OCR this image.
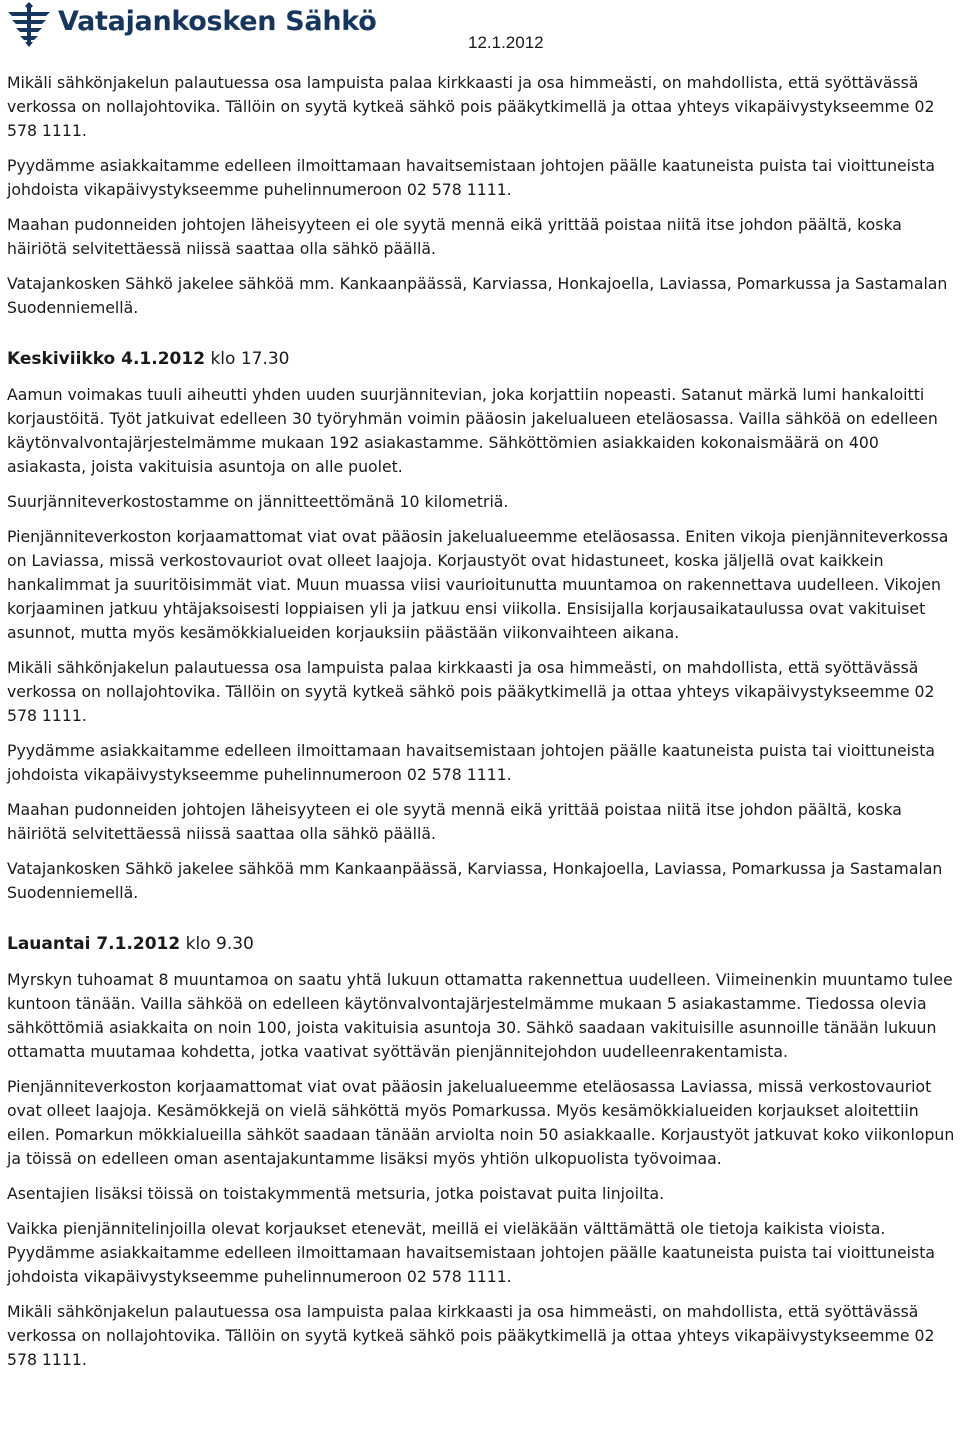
Vatajankosken Sähkö
12.1.2012

Mikäli sähkönjakelun palautuessa osa lampuista palaa kirkkaasti ja osa himmeästi, on mahdollista, että syöttävässä verkossa on nollajohtovika. Tällöin on syytä kytkeä sähkö pois pääkytkimellä ja ottaa yhteys vikapäivystykseemme 02 578 1111.

Pyydämme asiakkaitamme edelleen ilmoittamaan havaitsemistaan johtojen päälle kaatuneista puista tai vioittuneista johdoista vikapäivystykseemme puhelinnumeroon 02 578 1111.

Maahan pudonneiden johtojen läheisyyteen ei ole syytä mennä eikä yrittää poistaa niitä itse johdon päältä, koska häiriötä selvitettäessä niissä saattaa olla sähkö päällä.

Vatajankosken Sähkö jakelee sähköä mm. Kankaanpäässä, Karviassa, Honkajoella, Laviassa, Pomarkussa ja Sastamalan Suodenniemellä.

Keskiviikko 4.1.2012 klo 17.30

Aamun voimakas tuuli aiheutti yhden uuden suurjännitevian, joka korjattiin nopeasti. Satanut märkä lumi hankaloitti korjaustöitä. Työt jatkuivat edelleen 30 työryhmän voimin pääosin jakelualueen eteläosassa. Vailla sähköä on edelleen käytönvalvontajärjestelmämme mukaan 192 asiakastamme. Sähköttömien asiakkaiden kokonaismäärä on 400 asiakasta, joista vakituisia asuntoja on alle puolet.

Suurjänniteverkostostamme on jännitteettömänä 10 kilometriä.

Pienjänniteverkoston korjaamattomat viat ovat pääosin jakelualueemme eteläosassa. Eniten vikoja pienjänniteverkossa on Laviassa, missä verkostovauriot ovat olleet laajoja. Korjaustyöt ovat hidastuneet, koska jäljellä ovat kaikkein hankalimmat ja suuritöisimmät viat. Muun muassa viisi vaurioitunutta muuntamoa on rakennettava uudelleen. Vikojen korjaaminen jatkuu yhtäjaksoisesti loppiaisen yli ja jatkuu ensi viikolla. Ensisijalla korjausaikataulussa ovat vakituiset asunnot, mutta myös kesämökkialueiden korjauksiin päästään viikonvaihteen aikana.

Mikäli sähkönjakelun palautuessa osa lampuista palaa kirkkaasti ja osa himmeästi, on mahdollista, että syöttävässä verkossa on nollajohtovika. Tällöin on syytä kytkeä sähkö pois pääkytkimellä ja ottaa yhteys vikapäivystykseemme 02 578 1111.

Pyydämme asiakkaitamme edelleen ilmoittamaan havaitsemistaan johtojen päälle kaatuneista puista tai vioittuneista johdoista vikapäivystykseemme puhelinnumeroon 02 578 1111.

Maahan pudonneiden johtojen läheisyyteen ei ole syytä mennä eikä yrittää poistaa niitä itse johdon päältä, koska häiriötä selvitettäessä niissä saattaa olla sähkö päällä.

Vatajankosken Sähkö jakelee sähköä mm Kankaanpäässä, Karviassa, Honkajoella, Laviassa, Pomarkussa ja Sastamalan Suodenniemellä.

Lauantai 7.1.2012 klo 9.30

Myrskyn tuhoamat 8 muuntamoa on saatu yhtä lukuun ottamatta rakennettua uudelleen. Viimeinenkin muuntamo tulee kuntoon tänään. Vailla sähköä on edelleen käytönvalvontajärjestelmämme mukaan 5 asiakastamme. Tiedossa olevia sähköttömiä asiakkaita on noin 100, joista vakituisia asuntoja 30. Sähkö saadaan vakituisille asunnoille tänään lukuun ottamatta muutamaa kohdetta, jotka vaativat syöttävän pienjännitejohdon uudelleenrakentamista.

Pienjänniteverkoston korjaamattomat viat ovat pääosin jakelualueemme eteläosassa Laviassa, missä verkostovauriot ovat olleet laajoja. Kesämökkejä on vielä sähköttä myös Pomarkussa. Myös kesämökkialueiden korjaukset aloitettiin eilen. Pomarkun mökkialueilla sähköt saadaan tänään arviolta noin 50 asiakkaalle. Korjaustyöt jatkuvat koko viikonlopun ja töissä on edelleen oman asentajakuntamme lisäksi myös yhtiön ulkopuolista työvoimaa.

Asentajien lisäksi töissä on toistakymmentä metsuria, jotka poistavat puita linjoilta.

Vaikka pienjännitelinjoilla olevat korjaukset etenevät, meillä ei vieläkään välttämättä ole tietoja kaikista vioista. Pyydämme asiakkaitamme edelleen ilmoittamaan havaitsemistaan johtojen päälle kaatuneista puista tai vioittuneista johdoista vikapäivystykseemme puhelinnumeroon 02 578 1111.

Mikäli sähkönjakelun palautuessa osa lampuista palaa kirkkaasti ja osa himmeästi, on mahdollista, että syöttävässä verkossa on nollajohtovika. Tällöin on syytä kytkeä sähkö pois pääkytkimellä ja ottaa yhteys vikapäivystykseemme 02 578 1111.
